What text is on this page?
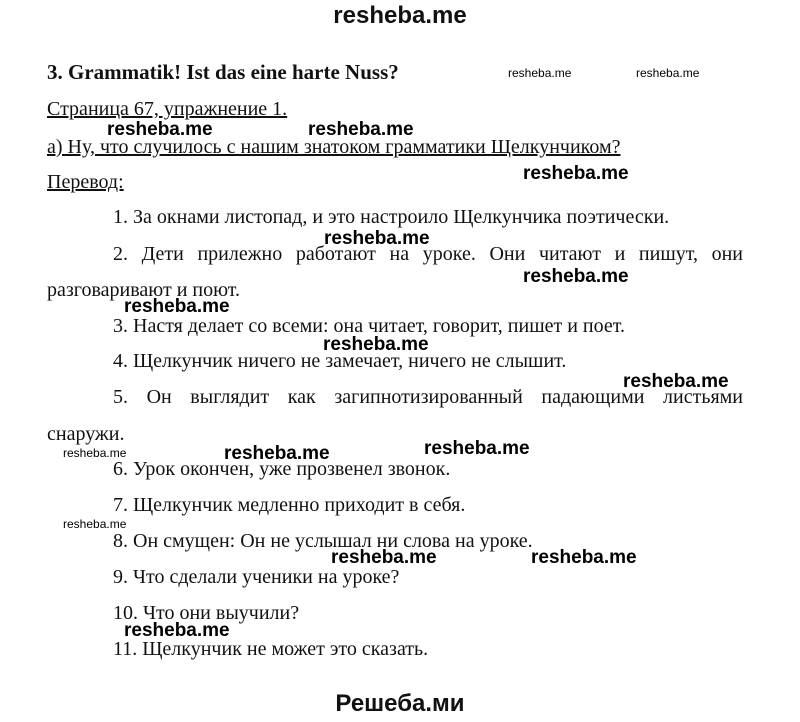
resheba.me
Решеба.ми
3. Grammatik! Ist das eine harte Nuss?
Страница 67, упражнение 1.
а) Ну, что случилось с нашим знатоком грамматики Щелкунчиком?
Перевод:
1. За окнами листопад, и это настроило Щелкунчика поэтически.
2. Дети прилежно работают на уроке. Они читают и пишут, они
разговаривают и поют.
3. Настя делает со всеми: она читает, говорит, пишет и поет.
4. Щелкунчик ничего не замечает, ничего не слышит.
5. Он выглядит как загипнотизированный падающими листьями
снаружи.
6. Урок окончен, уже прозвенел звонок.
7. Щелкунчик медленно приходит в себя.
8. Он смущен: Он не услышал ни слова на уроке.
9. Что сделали ученики на уроке?
10. Что они выучили?
11. Щелкунчик не может это сказать.
resheba.me	resheba.me
resheba.me
resheba.me
resheba.me	resheba.me
resheba.me
resheba.me
resheba.me
resheba.me
resheba.me
resheba.me
resheba.me	resheba.me
resheba.me	resheba.me
resheba.me
